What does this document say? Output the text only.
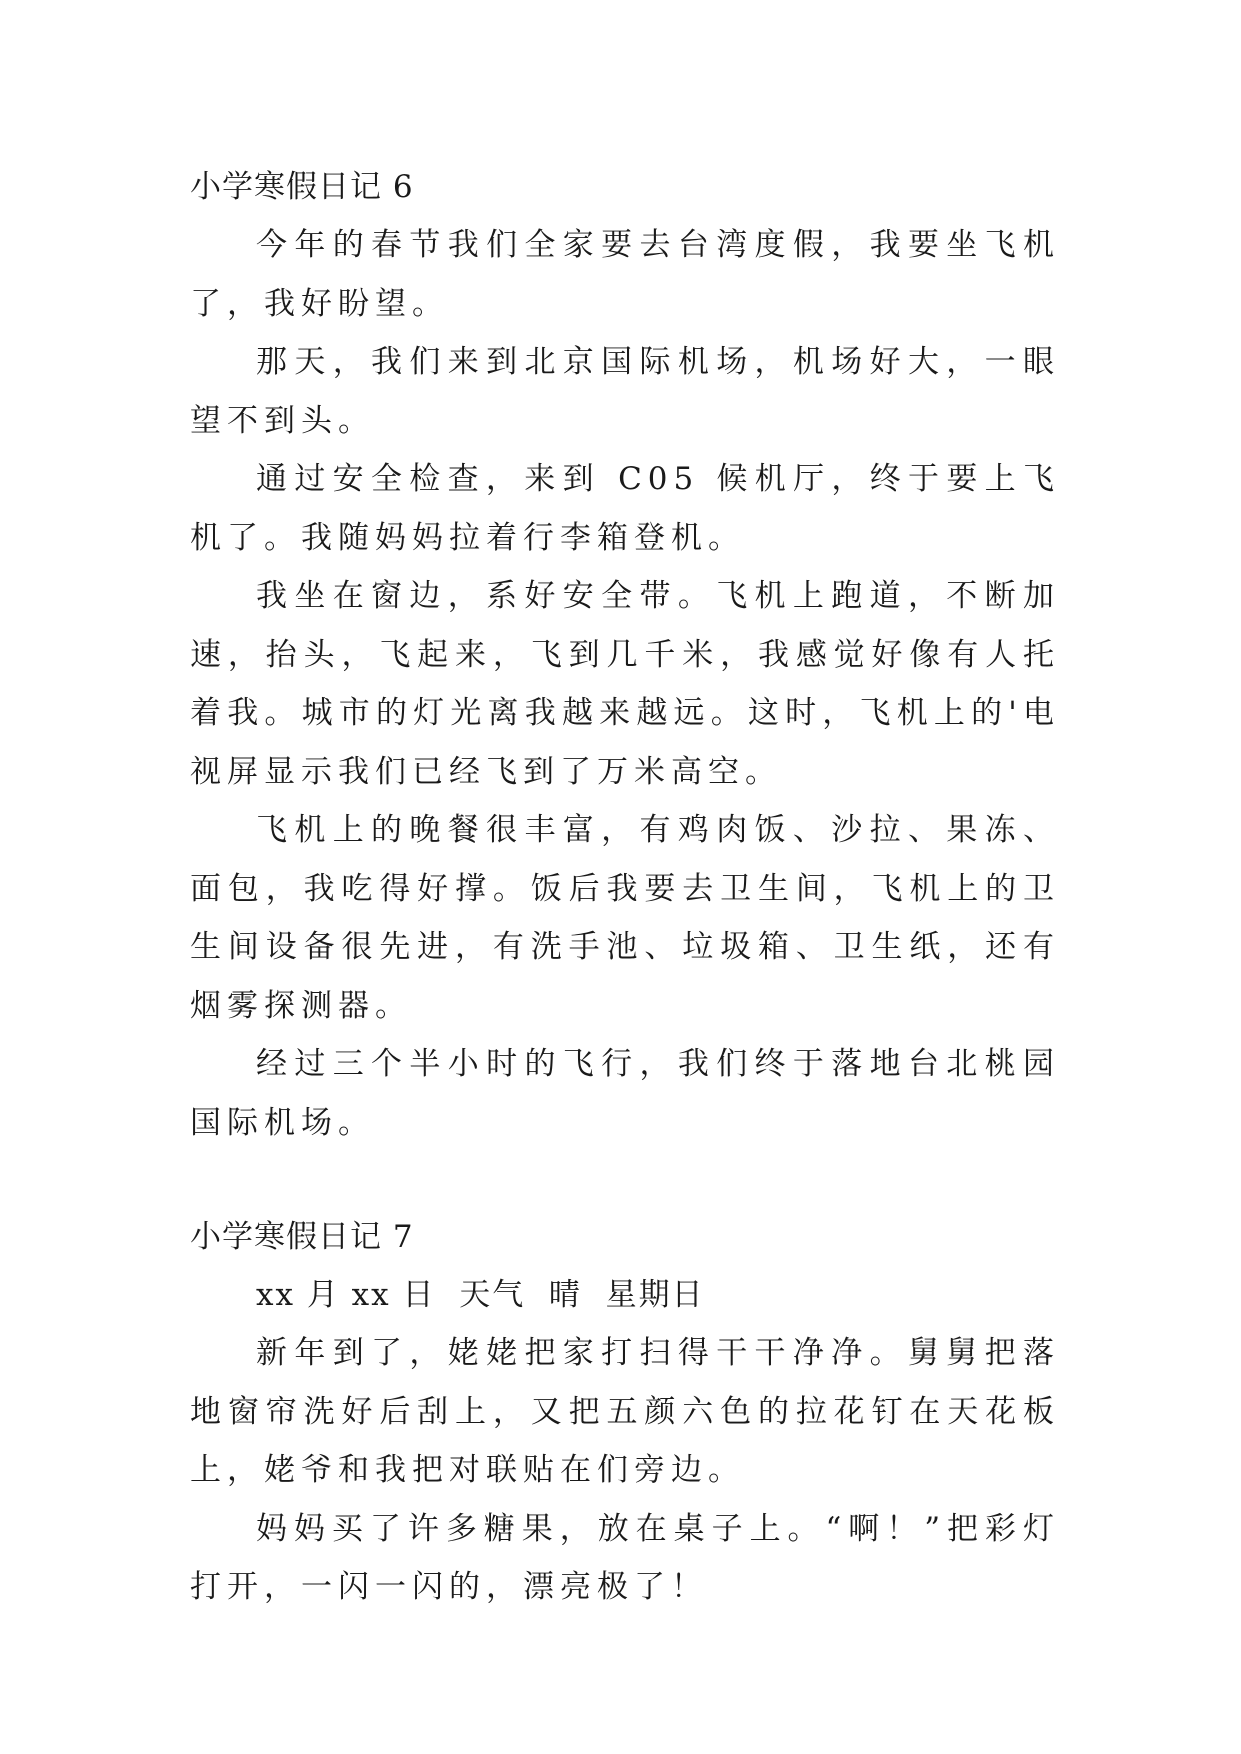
小学寒假日记 6

今年的春节我们全家要去台湾度假，我要坐飞机了，我好盼望。

那天，我们来到北京国际机场，机场好大，一眼望不到头。

通过安全检查，来到 C05 候机厅，终于要上飞机了。我随妈妈拉着行李箱登机。

我坐在窗边，系好安全带。飞机上跑道，不断加速，抬头，飞起来，飞到几千米，我感觉好像有人托着我。城市的灯光离我越来越远。这时，飞机上的'电视屏显示我们已经飞到了万米高空。

飞机上的晚餐很丰富，有鸡肉饭、沙拉、果冻、面包，我吃得好撑。饭后我要去卫生间，飞机上的卫生间设备很先进，有洗手池、垃圾箱、卫生纸，还有烟雾探测器。

经过三个半小时的飞行，我们终于落地台北桃园国际机场。

小学寒假日记 7

xx 月 xx 日  天气  晴  星期日

新年到了，姥姥把家打扫得干干净净。舅舅把落地窗帘洗好后刮上，又把五颜六色的拉花钉在天花板上，姥爷和我把对联贴在们旁边。

妈妈买了许多糖果，放在桌子上。“啊！”把彩灯打开，一闪一闪的，漂亮极了！
